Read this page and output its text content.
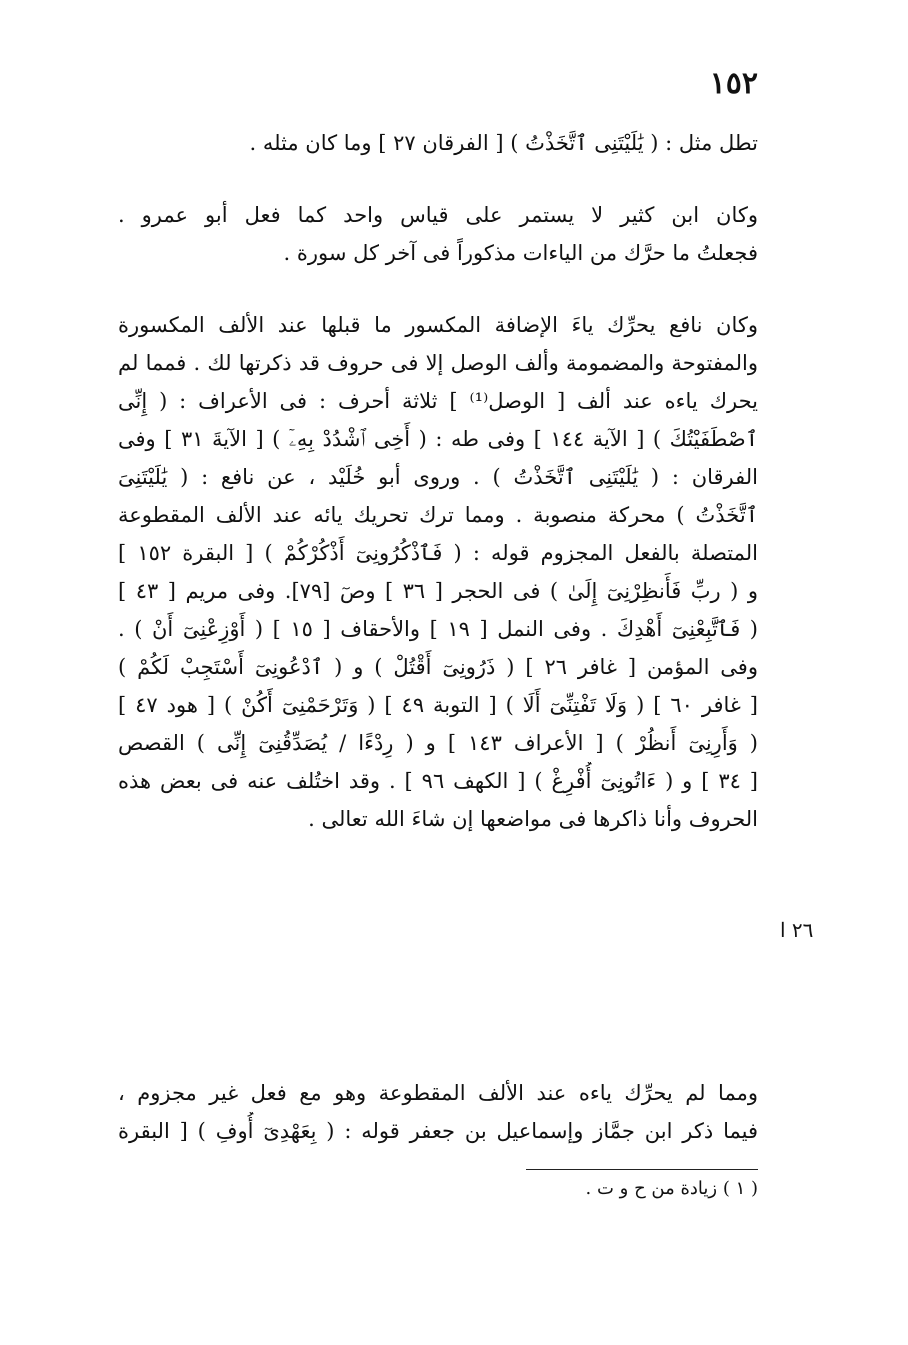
١٥٢
تطل مثل : ( يَٰلَيْتَنِى ٱتَّخَذْتُ ) [ الفرقان ٢٧ ] وما كان مثله .
وكان ابن كثير لا يستمر على قياس واحد كما فعل أبو عمرو .
فجعلتُ ما حرَّك من الياءات مذكوراً فى آخر كل سورة .
وكان نافع يحرِّك ياءَ الإضافة المكسور ما قبلها عند الألف المكسورة
والمفتوحة والمضمومة وألف الوصل إلا فى حروف قد ذكرتها لك . فمما لم
يحرك ياءه عند ألف [ الوصل⁽¹⁾ ] ثلاثة أحرف : فى الأعراف : ( إِنِّى
ٱصْطَفَيْتُكَ ) [ الآية ١٤٤ ] وفى طه : ( أَخِى ٱشْدُدْ بِهِۦٓ ) [ الآيةَ ٣١ ] وفى
الفرقان : ( يَٰلَيْتَنِى ٱتَّخَذْتُ ) . وروى أبو خُلَيْد ، عن نافع : ( يَٰلَيْتَنِىَ
ٱتَّخَذْتُ ) محركة منصوبة . ومما ترك تحريك يائه عند الألف المقطوعة
المتصلة بالفعل المجزوم قوله : ( فَٱذْكُرُونِىٓ أَذْكُرْكُمْ ) [ البقرة ١٥٢ ]
و ( ربِّ فَأَنظِرْنِىٓ إِلَىٰ ) فى الحجر [ ٣٦ ] وصٓ [٧٩]. وفى مريم [ ٤٣ ]
( فَٱتَّبِعْنِىٓ أَهْدِكَ . وفى النمل [ ١٩ ] والأحقاف [ ١٥ ] ( أَوْزِعْنِىٓ أَنْ ) .
وفى المؤمن [ غافر ٢٦ ] ( ذَرُونِىٓ أَقْتُلْ ) و ( ٱدْعُونِىٓ أَسْتَجِبْ لَكُمْ )
[ غافر ٦٠ ] ( وَلَا تَفْتِنِّىٓ أَلَا ) [ التوبة ٤٩ ] ( وَتَرْحَمْنِىٓ أَكُنْ ) [ هود ٤٧ ]
( وَأَرِنِىٓ أَنظُرْ ) [ الأعراف ١٤٣ ] و ( رِدْءًا / يُصَدِّقُنِىٓ إِنِّى ) القصص
[ ٣٤ ] و ( ءَاتُونِىٓ أُفْرِغْ ) [ الكهف ٩٦ ] . وقد اختُلف عنه فى بعض هذه
الحروف وأنا ذاكرها فى مواضعها إن شاءَ الله تعالى .
٢٦ ا
ومما لم يحرِّك ياءه عند الألف المقطوعة وهو مع فعل غير مجزوم ،
فيما ذكر ابن جمَّاز وإسماعيل بن جعفر قوله : ( بِعَهْدِىٓ أُوفِ ) [ البقرة
( ١ ) زيادة من ح و ت .
